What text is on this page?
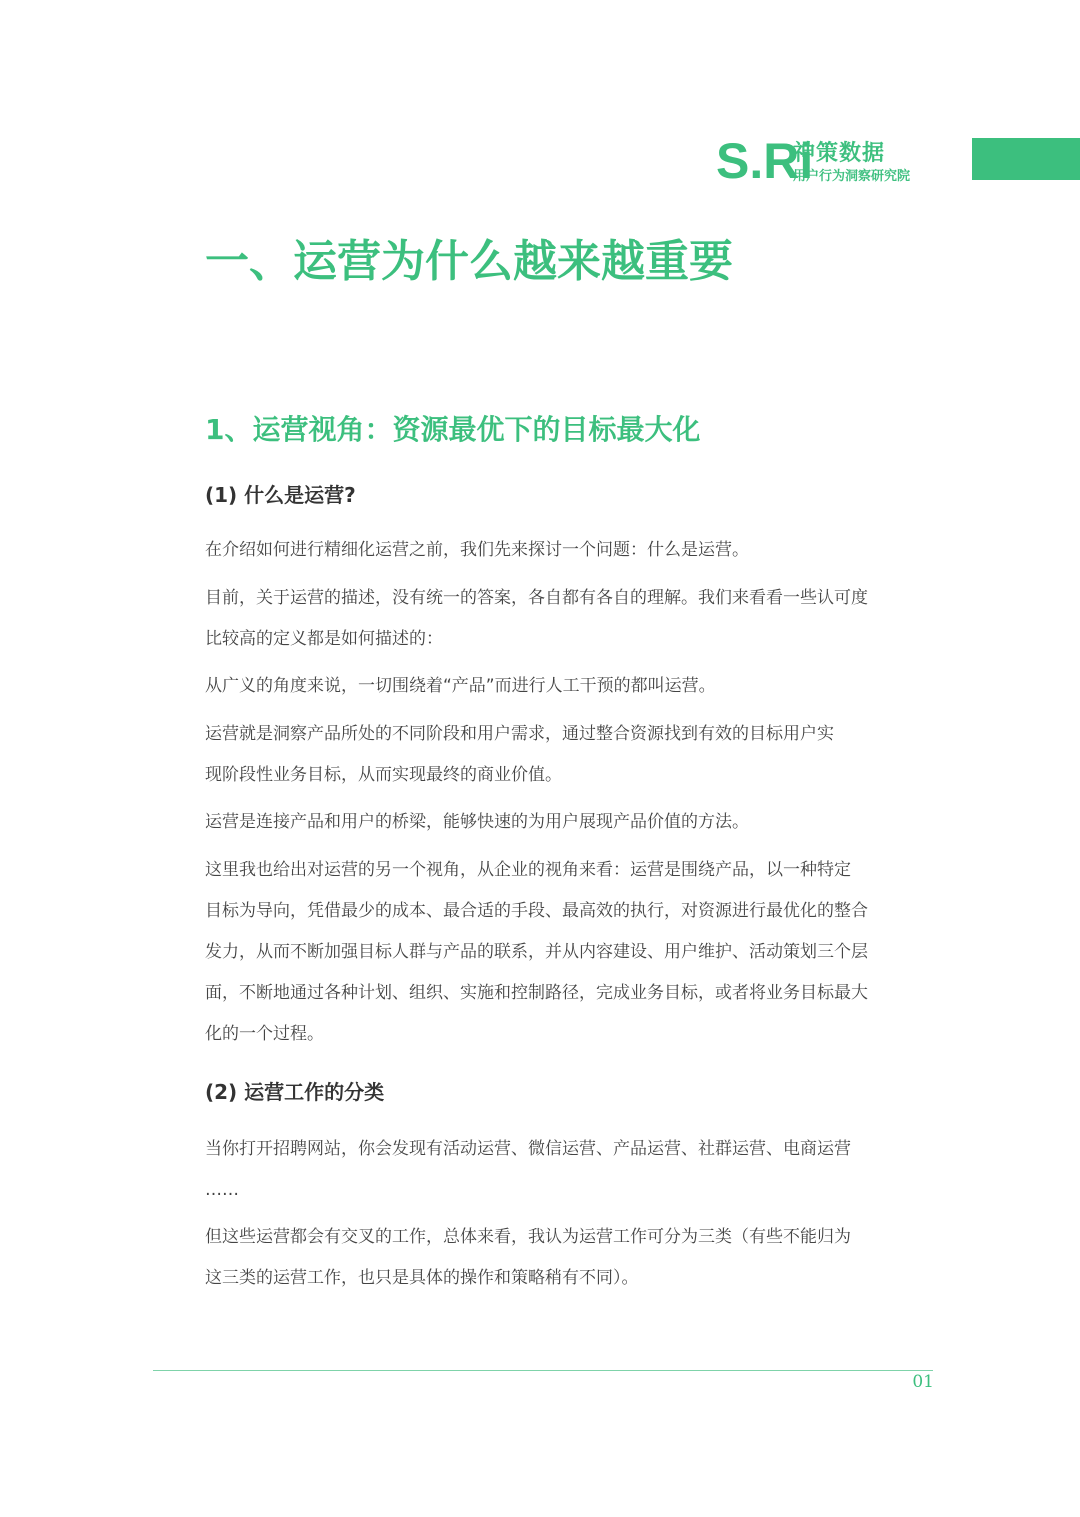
S.Ri
神策数据
用户行为洞察研究院
一、运营为什么越来越重要
1、运营视角：资源最优下的目标最大化
(1) 什么是运营?

在介绍如何进行精细化运营之前，我们先来探讨一个问题：什么是运营。

目前，关于运营的描述，没有统一的答案，各自都有各自的理解。我们来看看一些认可度

比较高的定义都是如何描述的：

从广义的角度来说，一切围绕着“产品”而进行人工干预的都叫运营。

运营就是洞察产品所处的不同阶段和用户需求，通过整合资源找到有效的目标用户实

现阶段性业务目标，从而实现最终的商业价值。

运营是连接产品和用户的桥梁，能够快速的为用户展现产品价值的方法。

这里我也给出对运营的另一个视角，从企业的视角来看：运营是围绕产品，以一种特定

目标为导向，凭借最少的成本、最合适的手段、最高效的执行，对资源进行最优化的整合

发力，从而不断加强目标人群与产品的联系，并从内容建设、用户维护、活动策划三个层

面，不断地通过各种计划、组织、实施和控制路径，完成业务目标，或者将业务目标最大

化的一个过程。

(2) 运营工作的分类

当你打开招聘网站，你会发现有活动运营、微信运营、产品运营、社群运营、电商运营

……

但这些运营都会有交叉的工作，总体来看，我认为运营工作可分为三类（有些不能归为

这三类的运营工作，也只是具体的操作和策略稍有不同）。

01
